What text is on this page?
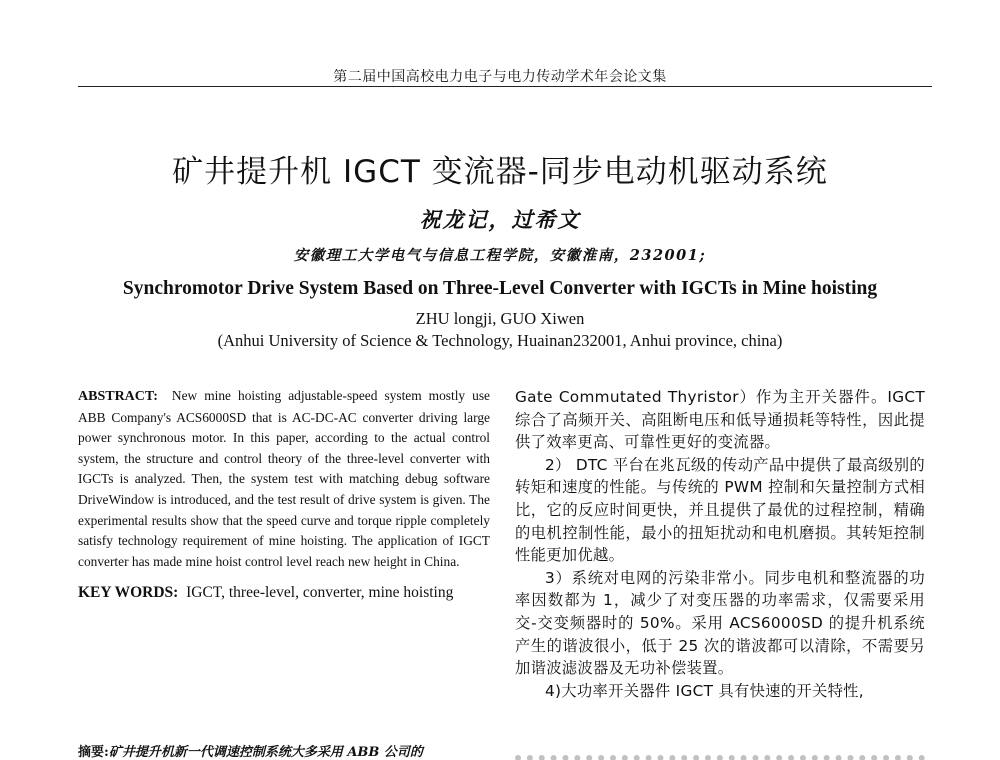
第二届中国高校电力电子与电力传动学术年会论文集
矿井提升机 IGCT 变流器-同步电动机驱动系统
祝龙记，过希文
安徽理工大学电气与信息工程学院，安徽淮南，232001;
Synchromotor Drive System Based on Three-Level Converter with IGCTs in Mine hoisting
ZHU longji, GUO Xiwen
(Anhui University of Science & Technology, Huainan232001, Anhui province, china)

ABSTRACT: New mine hoisting adjustable-speed system mostly use ABB Company's ACS6000SD that is AC-DC-AC converter driving large power synchronous motor. In this paper, according to the actual control system, the structure and control theory of the three-level converter with IGCTs is analyzed. Then, the system test with matching debug software DriveWindow is introduced, and the test result of drive system is given. The experimental results show that the speed curve and torque ripple completely satisfy technology requirement of mine hoisting. The application of IGCT converter has made mine hoist control level reach new height in China.

KEY WORDS: IGCT, three-level, converter, mine hoisting

摘要:矿井提升机新一代调速控制系统大多采用 ABB 公司的

Gate Commutated Thyristor）作为主开关器件。IGCT 综合了高频开关、高阻断电压和低导通损耗等特性，因此提供了效率更高、可靠性更好的变流器。

2） DTC 平台在兆瓦级的传动产品中提供了最高级别的转矩和速度的性能。与传统的 PWM 控制和矢量控制方式相比，它的反应时间更快，并且提供了最优的过程控制，精确的电机控制性能，最小的扭矩扰动和电机磨损。其转矩控制性能更加优越。

3）系统对电网的污染非常小。同步电机和整流器的功率因数都为 1，减少了对变压器的功率需求，仅需要采用交-交变频器时的 50%。采用 ACS6000SD 的提升机系统产生的谐波很小，低于 25 次的谐波都可以清除，不需要另加谐波滤波器及无功补偿装置。

4)大功率开关器件 IGCT 具有快速的开关特性,
